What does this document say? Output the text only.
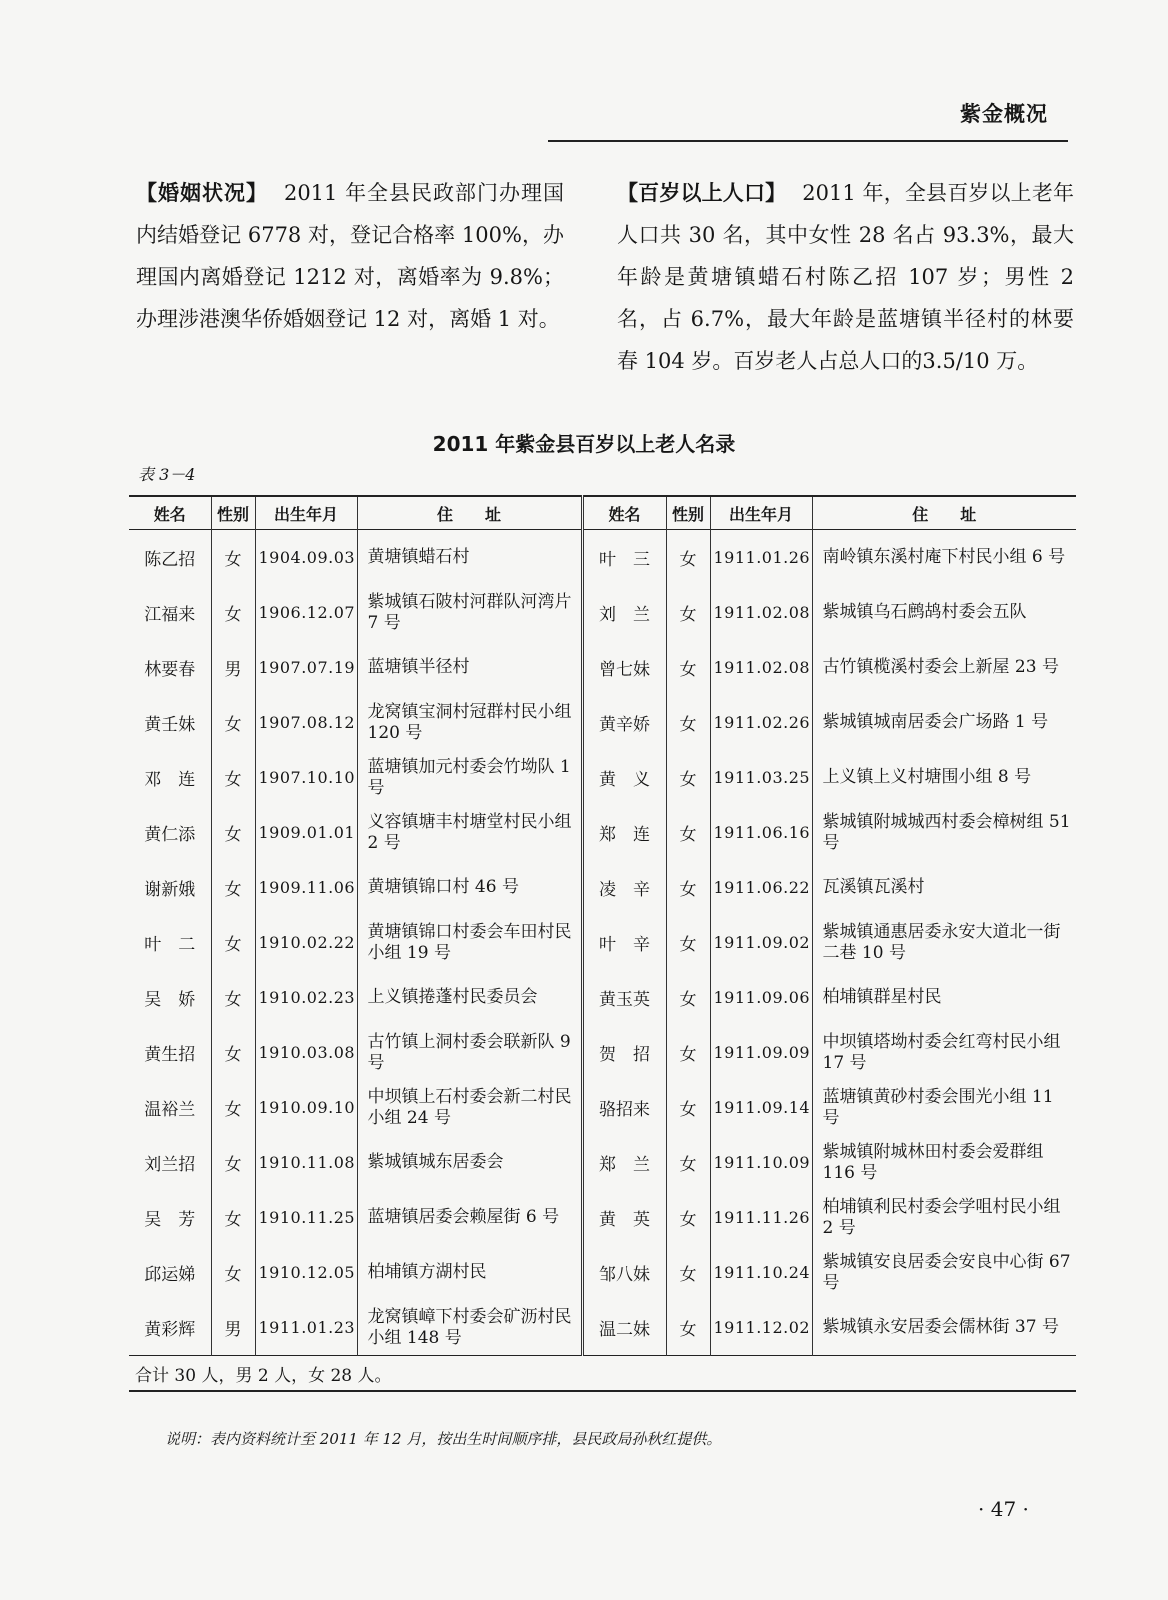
紫金概况
【婚姻状况】 2011 年全县民政部门办理国内结婚登记 6778 对，登记合格率 100%，办理国内离婚登记 1212 对，离婚率为 9.8%；办理涉港澳华侨婚姻登记 12 对，离婚 1 对。
【百岁以上人口】 2011 年，全县百岁以上老年人口共 30 名，其中女性 28 名占 93.3%，最大年龄是黄塘镇蜡石村陈乙招 107 岁；男性 2 名，占 6.7%，最大年龄是蓝塘镇半径村的林要春 104 岁。百岁老人占总人口的3.5/10 万。
2011 年紫金县百岁以上老人名录
表 3－4
姓名	性别	出生年月	住　　址	姓名	性别	出生年月	住　　址
陈乙招	女	1904.09.03	黄塘镇蜡石村	叶　三	女	1911.01.26	南岭镇东溪村庵下村民小组 6 号
江福来	女	1906.12.07	紫城镇石陂村河群队河湾片 7 号	刘　兰	女	1911.02.08	紫城镇乌石鹧鸪村委会五队
林要春	男	1907.07.19	蓝塘镇半径村	曾七妹	女	1911.02.08	古竹镇榄溪村委会上新屋 23 号
黄壬妹	女	1907.08.12	龙窝镇宝洞村冠群村民小组 120 号	黄辛娇	女	1911.02.26	紫城镇城南居委会广场路 1 号
邓　连	女	1907.10.10	蓝塘镇加元村委会竹坳队 1 号	黄　义	女	1911.03.25	上义镇上义村塘围小组 8 号
黄仁添	女	1909.01.01	义容镇塘丰村塘堂村民小组 2 号	郑　连	女	1911.06.16	紫城镇附城城西村委会樟树组 51 号
谢新娥	女	1909.11.06	黄塘镇锦口村 46 号	凌　辛	女	1911.06.22	瓦溪镇瓦溪村
叶　二	女	1910.02.22	黄塘镇锦口村委会车田村民小组 19 号	叶　辛	女	1911.09.02	紫城镇通惠居委永安大道北一街二巷 10 号
吴　娇	女	1910.02.23	上义镇捲蓬村民委员会	黄玉英	女	1911.09.06	柏埔镇群星村民
黄生招	女	1910.03.08	古竹镇上洞村委会联新队 9 号	贺　招	女	1911.09.09	中坝镇塔坳村委会红弯村民小组 17 号
温裕兰	女	1910.09.10	中坝镇上石村委会新二村民小组 24 号	骆招来	女	1911.09.14	蓝塘镇黄砂村委会围光小组 11 号
刘兰招	女	1910.11.08	紫城镇城东居委会	郑　兰	女	1911.10.09	紫城镇附城林田村委会爱群组 116 号
吴　芳	女	1910.11.25	蓝塘镇居委会赖屋街 6 号	黄　英	女	1911.11.26	柏埔镇利民村委会学咀村民小组 2 号
邱运娣	女	1910.12.05	柏埔镇方湖村民	邹八妹	女	1911.10.24	紫城镇安良居委会安良中心街 67 号
黄彩辉	男	1911.01.23	龙窝镇嶂下村委会矿沥村民小组 148 号	温二妹	女	1911.12.02	紫城镇永安居委会儒林街 37 号
合计 30 人，男 2 人，女 28 人。							
说明：表内资料统计至 2011 年 12 月，按出生时间顺序排，县民政局孙秋红提供。
· 47 ·
